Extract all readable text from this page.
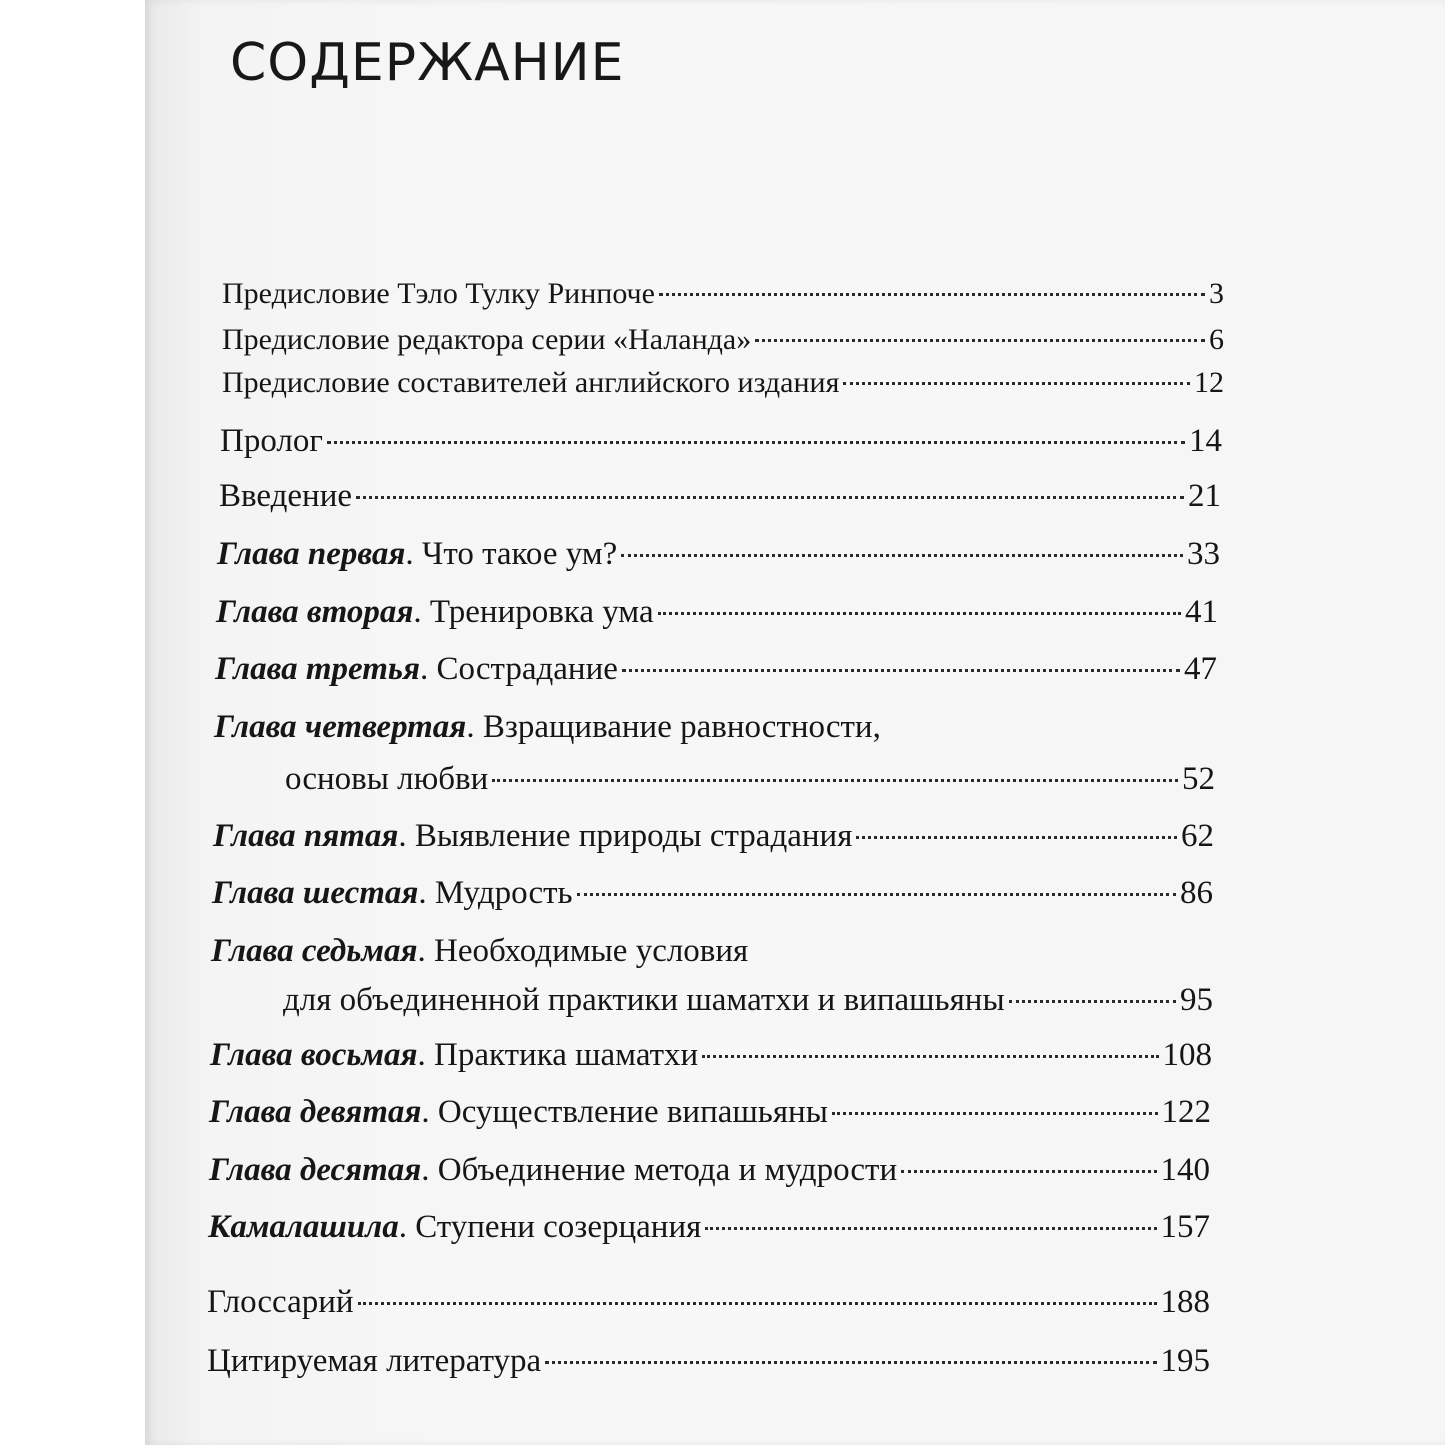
СОДЕРЖАНИЕ
Предисловие Тэло Тулку Ринпоче	3
Предисловие редактора серии «Наланда»	6
Предисловие составителей английского издания	12
Пролог	14
Введение	21
Глава первая. Что такое ум?	33
Глава вторая. Тренировка ума	41
Глава третья. Сострадание	47
Глава четвертая. Взращивание равностности,
основы любви	52
Глава пятая. Выявление природы страдания	62
Глава шестая. Мудрость	86
Глава седьмая. Необходимые условия
для объединенной практики шаматхи и випашьяны	95
Глава восьмая. Практика шаматхи	108
Глава девятая. Осуществление випашьяны	122
Глава десятая. Объединение метода и мудрости	140
Камалашила. Ступени созерцания	157
Глоссарий	188
Цитируемая литература	195
